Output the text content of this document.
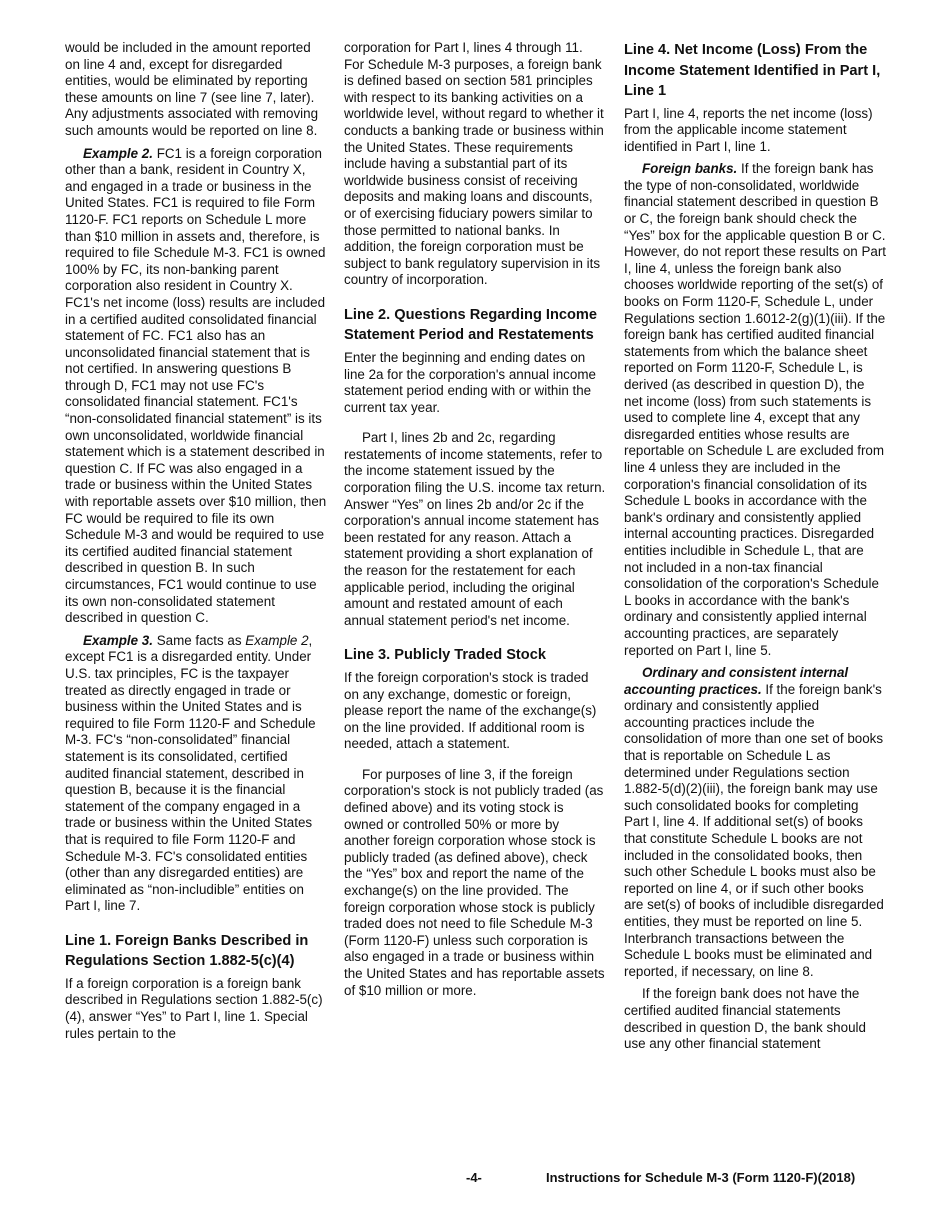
would be included in the amount reported on line 4 and, except for disregarded entities, would be eliminated by reporting these amounts on line 7 (see line 7, later). Any adjustments associated with removing such amounts would be reported on line 8.

Example 2. FC1 is a foreign corporation other than a bank, resident in Country X, and engaged in a trade or business in the United States. FC1 is required to file Form 1120-F. FC1 reports on Schedule L more than $10 million in assets and, therefore, is required to file Schedule M-3. FC1 is owned 100% by FC, its non-banking parent corporation also resident in Country X. FC1's net income (loss) results are included in a certified audited consolidated financial statement of FC. FC1 also has an unconsolidated financial statement that is not certified. In answering questions B through D, FC1 may not use FC's consolidated financial statement. FC1's “non-consolidated financial statement” is its own unconsolidated, worldwide financial statement which is a statement described in question C. If FC was also engaged in a trade or business within the United States with reportable assets over $10 million, then FC would be required to file its own Schedule M-3 and would be required to use its certified audited financial statement described in question B. In such circumstances, FC1 would continue to use its own non-consolidated statement described in question C.

Example 3. Same facts as Example 2, except FC1 is a disregarded entity. Under U.S. tax principles, FC is the taxpayer treated as directly engaged in trade or business within the United States and is required to file Form 1120-F and Schedule M-3. FC's “non-consolidated” financial statement is its consolidated, certified audited financial statement, described in question B, because it is the financial statement of the company engaged in a trade or business within the United States that is required to file Form 1120-F and Schedule M-3. FC's consolidated entities (other than any disregarded entities) are eliminated as “non-includible” entities on Part I, line 7.

Line 1. Foreign Banks Described in Regulations Section 1.882-5(c)(4)

If a foreign corporation is a foreign bank described in Regulations section 1.882-5(c)(4), answer “Yes” to Part I, line 1. Special rules pertain to the

corporation for Part I, lines 4 through 11. For Schedule M-3 purposes, a foreign bank is defined based on section 581 principles with respect to its banking activities on a worldwide level, without regard to whether it conducts a banking trade or business within the United States. These requirements include having a substantial part of its worldwide business consist of receiving deposits and making loans and discounts, or of exercising fiduciary powers similar to those permitted to national banks. In addition, the foreign corporation must be subject to bank regulatory supervision in its country of incorporation.

Line 2. Questions Regarding Income Statement Period and Restatements

Enter the beginning and ending dates on line 2a for the corporation's annual income statement period ending with or within the current tax year.

Part I, lines 2b and 2c, regarding restatements of income statements, refer to the income statement issued by the corporation filing the U.S. income tax return. Answer “Yes” on lines 2b and/or 2c if the corporation's annual income statement has been restated for any reason. Attach a statement providing a short explanation of the reason for the restatement for each applicable period, including the original amount and restated amount of each annual statement period's net income.

Line 3. Publicly Traded Stock

If the foreign corporation's stock is traded on any exchange, domestic or foreign, please report the name of the exchange(s) on the line provided. If additional room is needed, attach a statement.

For purposes of line 3, if the foreign corporation's stock is not publicly traded (as defined above) and its voting stock is owned or controlled 50% or more by another foreign corporation whose stock is publicly traded (as defined above), check the “Yes” box and report the name of the exchange(s) on the line provided. The foreign corporation whose stock is publicly traded does not need to file Schedule M-3 (Form 1120-F) unless such corporation is also engaged in a trade or business within the United States and has reportable assets of $10 million or more.

Line 4. Net Income (Loss) From the Income Statement Identified in Part I, Line 1

Part I, line 4, reports the net income (loss) from the applicable income statement identified in Part I, line 1.

Foreign banks. If the foreign bank has the type of non-consolidated, worldwide financial statement described in question B or C, the foreign bank should check the “Yes” box for the applicable question B or C. However, do not report these results on Part I, line 4, unless the foreign bank also chooses worldwide reporting of the set(s) of books on Form 1120-F, Schedule L, under Regulations section 1.6012-2(g)(1)(iii). If the foreign bank has certified audited financial statements from which the balance sheet reported on Form 1120-F, Schedule L, is derived (as described in question D), the net income (loss) from such statements is used to complete line 4, except that any disregarded entities whose results are reportable on Schedule L are excluded from line 4 unless they are included in the corporation's financial consolidation of its Schedule L books in accordance with the bank's ordinary and consistently applied internal accounting practices. Disregarded entities includible in Schedule L, that are not included in a non-tax financial consolidation of the corporation's Schedule L books in accordance with the bank's ordinary and consistently applied internal accounting practices, are separately reported on Part I, line 5.

Ordinary and consistent internal accounting practices. If the foreign bank's ordinary and consistently applied accounting practices include the consolidation of more than one set of books that is reportable on Schedule L as determined under Regulations section 1.882-5(d)(2)(iii), the foreign bank may use such consolidated books for completing Part I, line 4. If additional set(s) of books that constitute Schedule L books are not included in the consolidated books, then such other Schedule L books must also be reported on line 4, or if such other books are set(s) of books of includible disregarded entities, they must be reported on line 5. Interbranch transactions between the Schedule L books must be eliminated and reported, if necessary, on line 8.

If the foreign bank does not have the certified audited financial statements described in question D, the bank should use any other financial statement

-4-	Instructions for Schedule M-3 (Form 1120-F)(2018)
